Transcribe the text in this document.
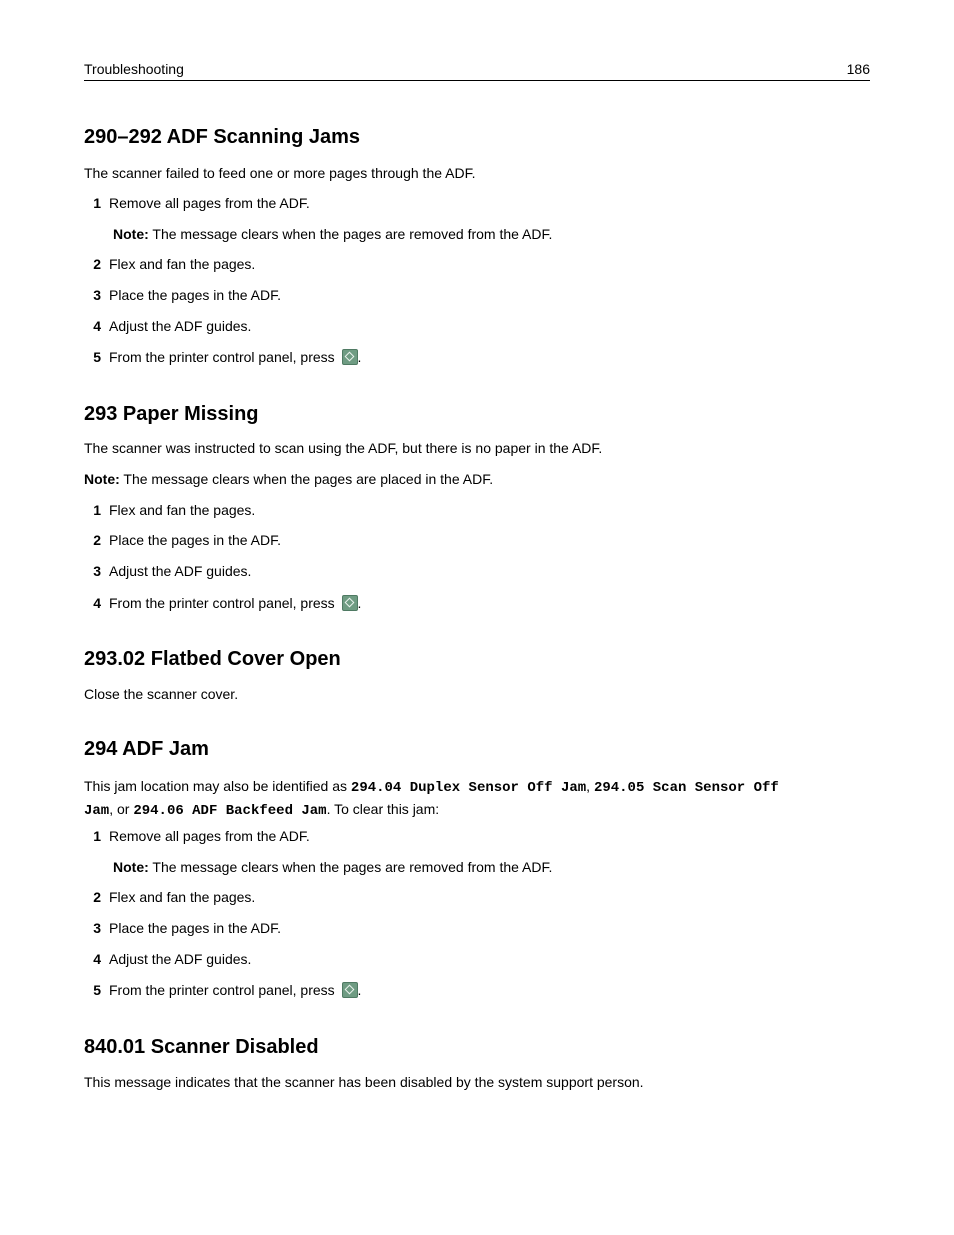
Troubleshooting	186
290–292 ADF Scanning Jams
The scanner failed to feed one or more pages through the ADF.
1 Remove all pages from the ADF.
Note: The message clears when the pages are removed from the ADF.
2 Flex and fan the pages.
3 Place the pages in the ADF.
4 Adjust the ADF guides.
5 From the printer control panel, press .
293 Paper Missing
The scanner was instructed to scan using the ADF, but there is no paper in the ADF.
Note: The message clears when the pages are placed in the ADF.
1 Flex and fan the pages.
2 Place the pages in the ADF.
3 Adjust the ADF guides.
4 From the printer control panel, press .
293.02 Flatbed Cover Open
Close the scanner cover.
294 ADF Jam
This jam location may also be identified as 294.04 Duplex Sensor Off Jam, 294.05 Scan Sensor Off
Jam, or 294.06 ADF Backfeed Jam. To clear this jam:
1 Remove all pages from the ADF.
Note: The message clears when the pages are removed from the ADF.
2 Flex and fan the pages.
3 Place the pages in the ADF.
4 Adjust the ADF guides.
5 From the printer control panel, press .
840.01 Scanner Disabled
This message indicates that the scanner has been disabled by the system support person.
